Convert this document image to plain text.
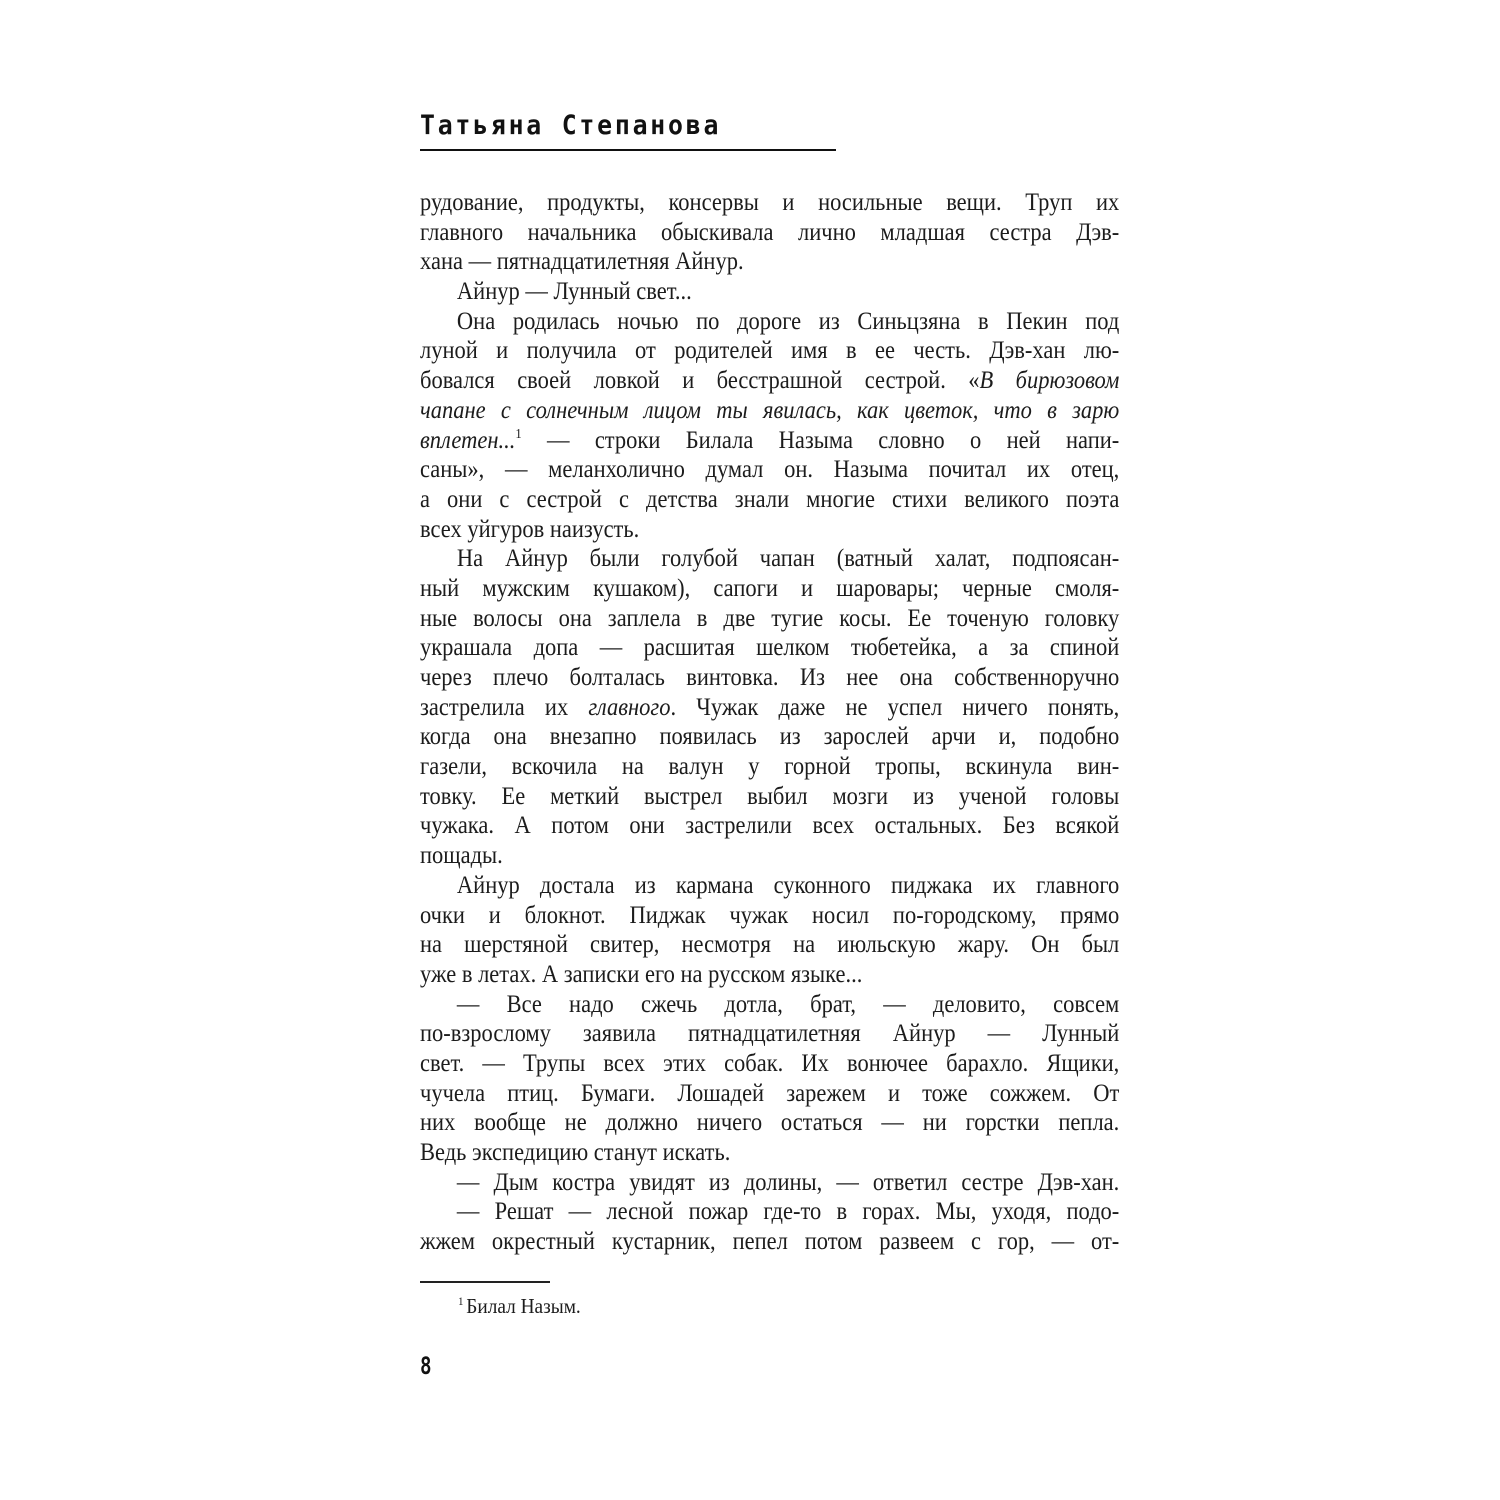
Татьяна Степанова
рудование, продукты, консервы и носильные вещи. Труп их
главного начальника обыскивала лично младшая сестра Дэв-
хана — пятнадцатилетняя Айнур.
Айнур — Лунный свет...
Она родилась ночью по дороге из Синьцзяна в Пекин под
луной и получила от родителей имя в ее честь. Дэв-хан лю-
бовался своей ловкой и бесстрашной сестрой. «В бирюзовом
чапане с солнечным лицом ты явилась, как цветок, что в зарю
вплетен...$^1$ — строки Билала Назыма словно о ней напи-
саны», — меланхолично думал он. Назыма почитал их отец,
а они с сестрой с детства знали многие стихи великого поэта
всех уйгуров наизусть.
На Айнур были голубой чапан (ватный халат, подпоясан-
ный мужским кушаком), сапоги и шаровары; черные смоля-
ные волосы она заплела в две тугие косы. Ее точеную головку
украшала допа — расшитая шелком тюбетейка, а за спиной
через плечо болталась винтовка. Из нее она собственноручно
застрелила их главного. Чужак даже не успел ничего понять,
когда она внезапно появилась из зарослей арчи и, подобно
газели, вскочила на валун у горной тропы, вскинула вин-
товку. Ее меткий выстрел выбил мозги из ученой головы
чужака. А потом они застрелили всех остальных. Без всякой
пощады.
Айнур достала из кармана суконного пиджака их главного
очки и блокнот. Пиджак чужак носил по-городскому, прямо
на шерстяной свитер, несмотря на июльскую жару. Он был
уже в летах. А записки его на русском языке...
— Все надо сжечь дотла, брат, — деловито, совсем
по-взрослому заявила пятнадцатилетняя Айнур — Лунный
свет. — Трупы всех этих собак. Их вонючее барахло. Ящики,
чучела птиц. Бумаги. Лошадей зарежем и тоже сожжем. От
них вообще не должно ничего остаться — ни горстки пепла.
Ведь экспедицию станут искать.
— Дым костра увидят из долины, — ответил сестре Дэв-хан.
— Решат — лесной пожар где-то в горах. Мы, уходя, подо-
жжем окрестный кустарник, пепел потом развеем с гор, — от-
$^1$ Билал Назым.
8
